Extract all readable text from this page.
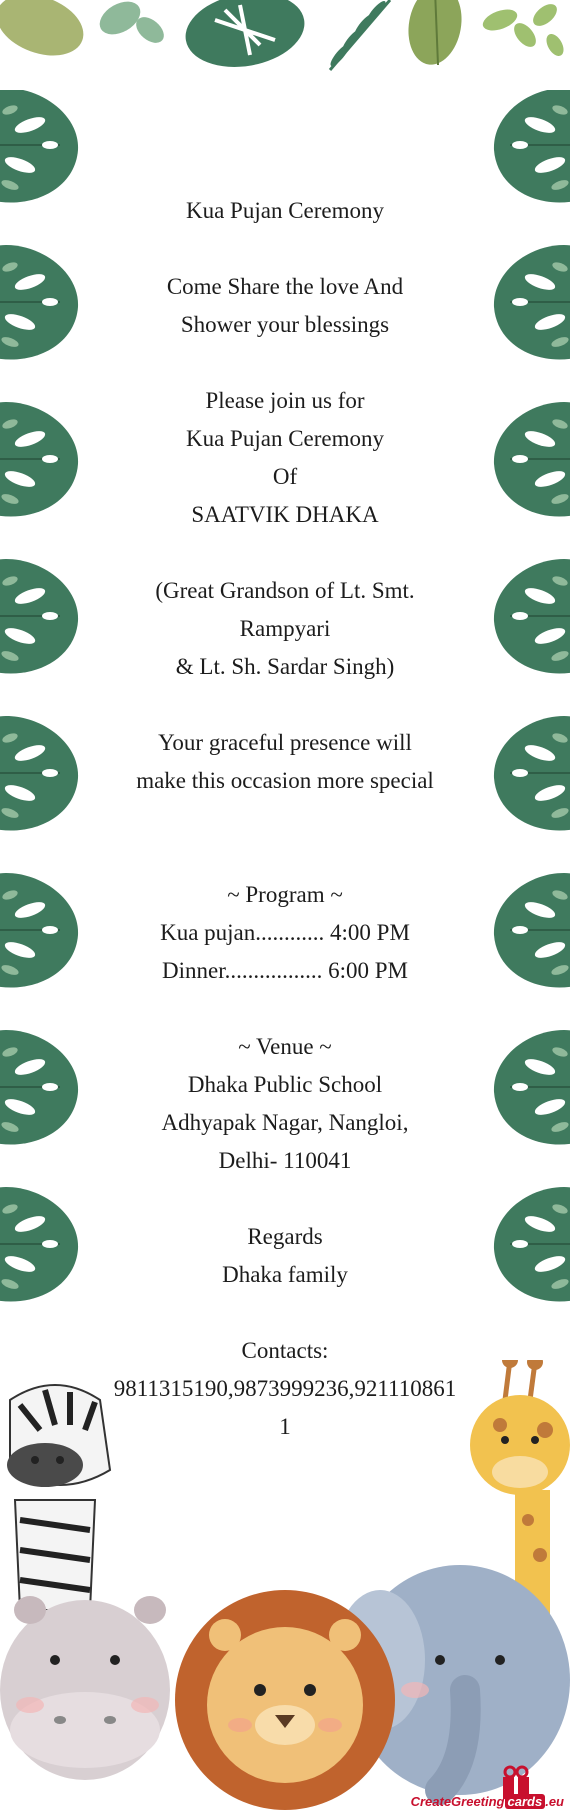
Kua Pujan Ceremony
Come Share the love And
Shower your blessings
Please join us for
Kua Pujan Ceremony
Of
SAATVIK DHAKA
(Great Grandson of Lt. Smt.
Rampyari
& Lt. Sh. Sardar Singh)
Your graceful presence will
make this occasion more special
~ Program ~
Kua pujan............ 4:00 PM
Dinner................. 6:00 PM
~ Venue ~
Dhaka Public School
Adhyapak Nagar, Nangloi,
Delhi- 110041
Regards
Dhaka family
Contacts:
9811315190,9873999236,9211108611
CreateGreeting cards .eu
